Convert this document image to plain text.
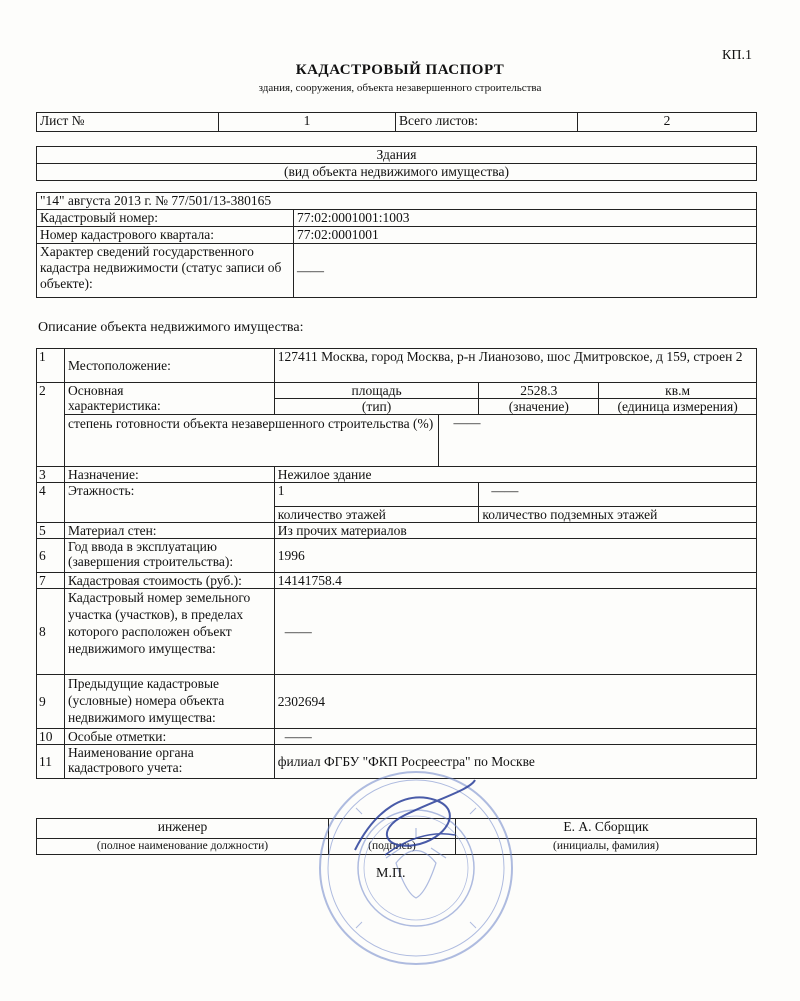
КП.1
КАДАСТРОВЫЙ ПАСПОРТ
здания, сооружения, объекта незавершенного строительства
Лист №	1	Всего листов:	2
Здания
(вид объекта недвижимого имущества)
"14" августа 2013 г. № 77/501/13-380165	
Кадастровый номер:	77:02:0001001:1003
Номер кадастрового квартала:	77:02:0001001
Характер сведений государственного кадастра недвижимости (статус записи об объекте):	——
Описание объекта недвижимого имущества:
1	Местоположение:	127411 Москва, город Москва, р-н Лианозово, шос Дмитровское, д 159, строен 2			
2	Основная характеристика:	площадь		2528.3	кв.м
		(тип)		(значение)	(единица измерения)
	степень готовности объекта незавершенного строительства (%)		——		
3	Назначение:	Нежилое здание			
4	Этажность:	1		——	
		количество этажей		количество подземных этажей	
5	Материал стен:	Из прочих материалов			
6	Год ввода в эксплуатацию (завершения строительства):	1996			
7	Кадастровая стоимость (руб.):	14141758.4			
8	Кадастровый номер земельного участка (участков), в пределах которого расположен объект недвижимого имущества:	——			
9	Предыдущие кадастровые (условные) номера объекта недвижимого имущества:	2302694			
10	Особые отметки:	——			
11	Наименование органа кадастрового учета:	филиал ФГБУ "ФКП Росреестра" по Москве			
инженер		Е. А. Сборщик
(полное наименование должности)	(подпись)	(инициалы, фамилия)
М.П.
